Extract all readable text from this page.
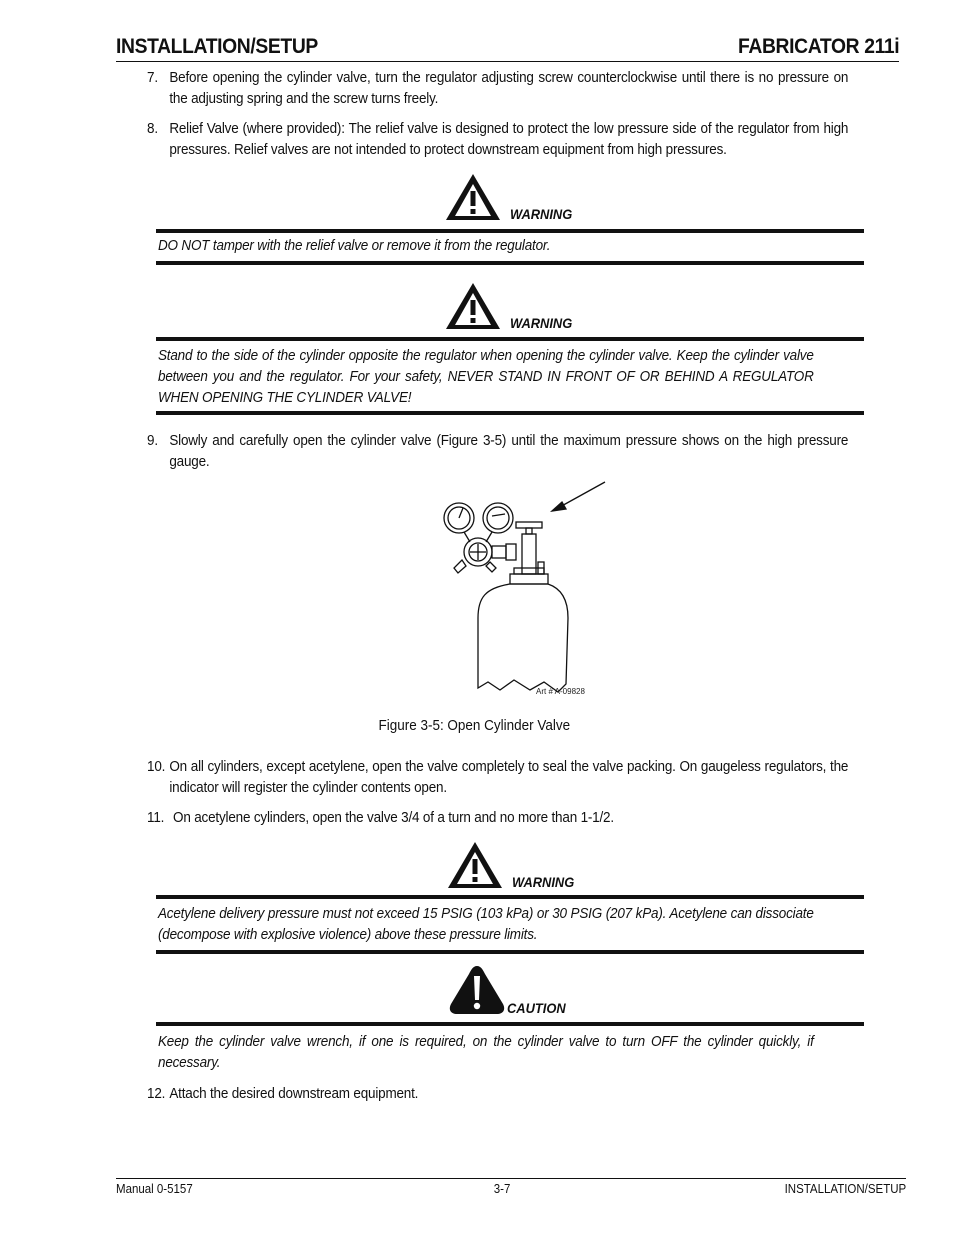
INSTALLATION/SETUP	FABRICATOR 211i
7. Before opening the cylinder valve, turn the regulator adjusting screw counterclockwise until there is no pressure on the adjusting spring and the screw turns freely.
8. Relief Valve (where provided): The relief valve is designed to protect the low pressure side of the regulator from high pressures. Relief valves are not intended to protect downstream equipment from high pressures.
WARNING
DO NOT tamper with the relief valve or remove it from the regulator.
WARNING
Stand to the side of the cylinder opposite the regulator when opening the cylinder valve. Keep the cylinder valve between you and the regulator. For your safety, NEVER STAND IN FRONT OF OR BEHIND A REGULATOR WHEN OPENING THE CYLINDER VALVE!
9. Slowly and carefully open the cylinder valve (Figure 3-5) until the maximum pressure shows on the high pressure gauge.
Art # A-09828
Figure 3-5: Open Cylinder Valve
10. On all cylinders, except acetylene, open the valve completely to seal the valve packing. On gaugeless regulators, the indicator will register the cylinder contents open.
11. On acetylene cylinders, open the valve 3/4 of a turn and no more than 1-1/2.
WARNING
Acetylene delivery pressure must not exceed 15 PSIG (103 kPa) or 30 PSIG (207 kPa). Acetylene can dissociate (decompose with explosive violence) above these pressure limits.
CAUTION
Keep the cylinder valve wrench, if one is required, on the cylinder valve to turn OFF the cylinder quickly, if necessary.
12. Attach the desired downstream equipment.
Manual 0-5157	3-7	INSTALLATION/SETUP
